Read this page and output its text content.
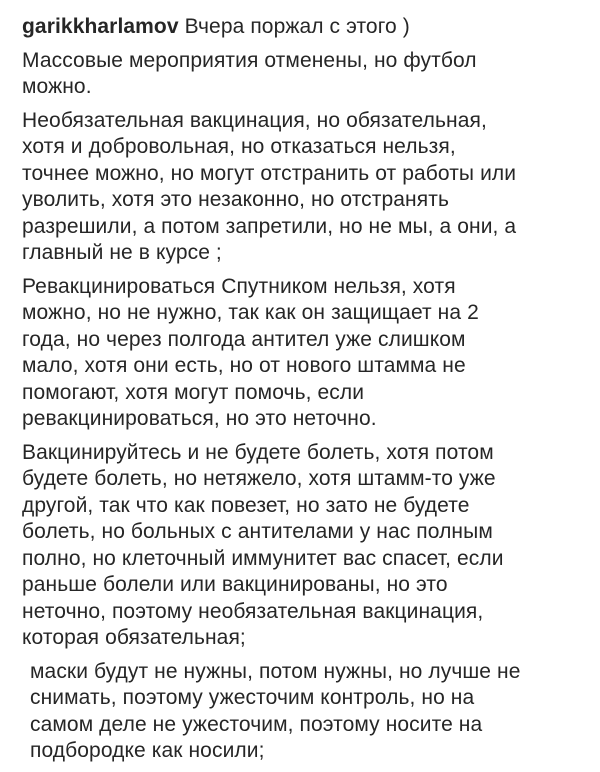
garikkharlamov Вчера поржал с этого )

Массовые мероприятия отменены, но футбол
можно.

Необязательная вакцинация, но обязательная,
хотя и добровольная, но отказаться нельзя,
точнее можно, но могут отстранить от работы или
уволить, хотя это незаконно, но отстранять
разрешили, а потом запретили, но не мы, а они, а
главный не в курсе ;

Ревакцинироваться Спутником нельзя, хотя
можно, но не нужно, так как он защищает на 2
года, но через полгода антител уже слишком
мало, хотя они есть, но от нового штамма не
помогают, хотя могут помочь, если
ревакцинироваться, но это неточно.

Вакцинируйтесь и не будете болеть, хотя потом
будете болеть, но нетяжело, хотя штамм-то уже
другой, так что как повезет, но зато не будете
болеть, но больных с антителами у нас полным
полно, но клеточный иммунитет вас спасет, если
раньше болели или вакцинированы, но это
неточно, поэтому необязательная вакцинация,
которая обязательная;

маски будут не нужны, потом нужны, но лучше не
снимать, поэтому ужесточим контроль, но на
самом деле не ужесточим, поэтому носите на
подбородке как носили;
